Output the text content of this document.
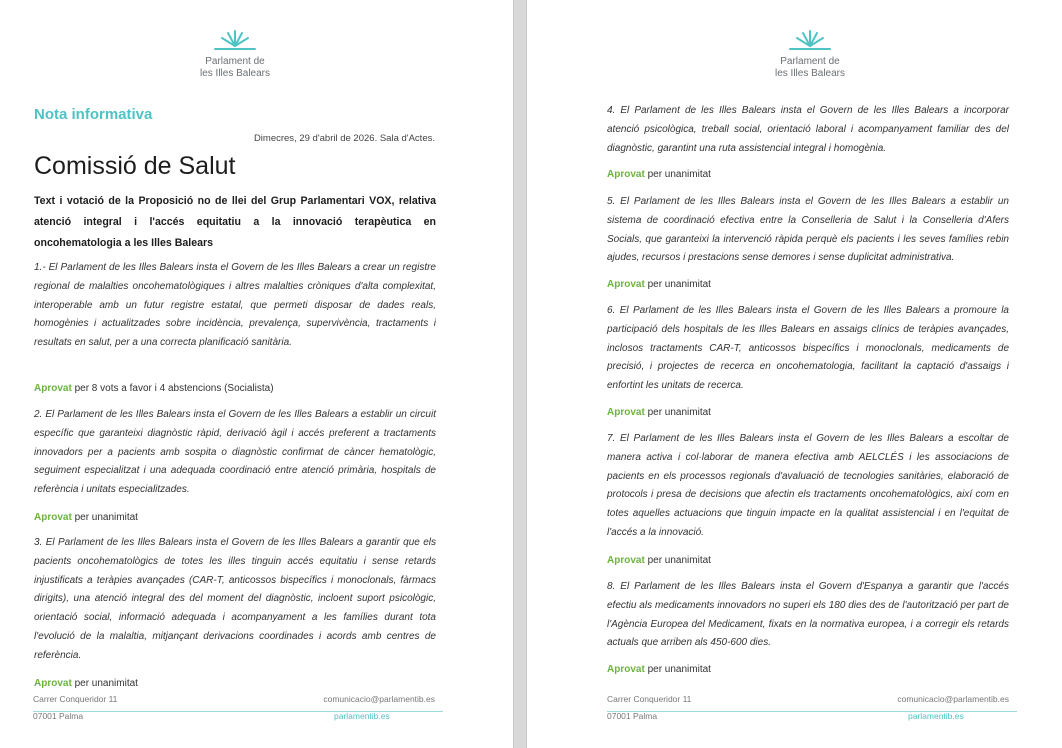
Parlament de
les Illes Balears
Nota informativa
Dimecres, 29 d'abril de 2026. Sala d'Actes.
Comissió de Salut
Text i votació de la Proposició no de llei del Grup Parlamentari VOX, relativa atenció integral i l'accés equitatiu a la innovació terapèutica en oncohematologia a les Illes Balears
1.- El Parlament de les Illes Balears insta el Govern de les Illes Balears a crear un registre regional de malalties oncohematològiques i altres malalties cròniques d'alta complexitat, interoperable amb un futur registre estatal, que permeti disposar de dades reals, homogènies i actualitzades sobre incidència, prevalença, supervivència, tractaments i resultats en salut, per a una correcta planificació sanitària.
Aprovat per 8 vots a favor i 4 abstencions (Socialista)
2. El Parlament de les Illes Balears insta el Govern de les Illes Balears a establir un circuit específic que garanteixi diagnòstic ràpid, derivació àgil i accés preferent a tractaments innovadors per a pacients amb sospita o diagnòstic confirmat de càncer hematològic, seguiment especialitzat i una adequada coordinació entre atenció primària, hospitals de referència i unitats especialitzades.
Aprovat per unanimitat
3. El Parlament de les Illes Balears insta el Govern de les Illes Balears a garantir que els pacients oncohematològics de totes les illes tinguin accés equitatiu i sense retards injustificats a teràpies avançades (CAR-T, anticossos bispecífics i monoclonals, fàrmacs dirigits), una atenció integral des del moment del diagnòstic, incloent suport psicològic, orientació social, informació adequada i acompanyament a les famílies durant tota l'evolució de la malaltia, mitjançant derivacions coordinades i acords amb centres de referència.
Aprovat per unanimitat
Carrer Conqueridor 11	comunicacio@parlamentib.es
07001 Palma	parlamentib.es
Parlament de
les Illes Balears
4. El Parlament de les Illes Balears insta el Govern de les Illes Balears a incorporar atenció psicològica, treball social, orientació laboral i acompanyament familiar des del diagnòstic, garantint una ruta assistencial integral i homogènia.
Aprovat per unanimitat
5. El Parlament de les Illes Balears insta el Govern de les Illes Balears a establir un sistema de coordinació efectiva entre la Conselleria de Salut i la Conselleria d'Afers Socials, que garanteixi la intervenció ràpida perquè els pacients i les seves famílies rebin ajudes, recursos i prestacions sense demores i sense duplicitat administrativa.
Aprovat per unanimitat
6. El Parlament de les Illes Balears insta el Govern de les Illes Balears a promoure la participació dels hospitals de les Illes Balears en assaigs clínics de teràpies avançades, inclosos tractaments CAR-T, anticossos bispecífics i monoclonals, medicaments de precisió, i projectes de recerca en oncohematologia, facilitant la captació d'assaigs i enfortint les unitats de recerca.
Aprovat per unanimitat
7. El Parlament de les Illes Balears insta el Govern de les Illes Balears a escoltar de manera activa i col·laborar de manera efectiva amb AELCLÉS i les associacions de pacients en els processos regionals d'avaluació de tecnologies sanitàries, elaboració de protocols i presa de decisions que afectin els tractaments oncohematològics, així com en totes aquelles actuacions que tinguin impacte en la qualitat assistencial i en l'equitat de l'accés a la innovació.
Aprovat per unanimitat
8. El Parlament de les Illes Balears insta el Govern d'Espanya a garantir que l'accés efectiu als medicaments innovadors no superi els 180 dies des de l'autorització per part de l'Agència Europea del Medicament, fixats en la normativa europea, i a corregir els retards actuals que arriben als 450-600 dies.
Aprovat per unanimitat
Carrer Conqueridor 11	comunicacio@parlamentib.es
07001 Palma	parlamentib.es
